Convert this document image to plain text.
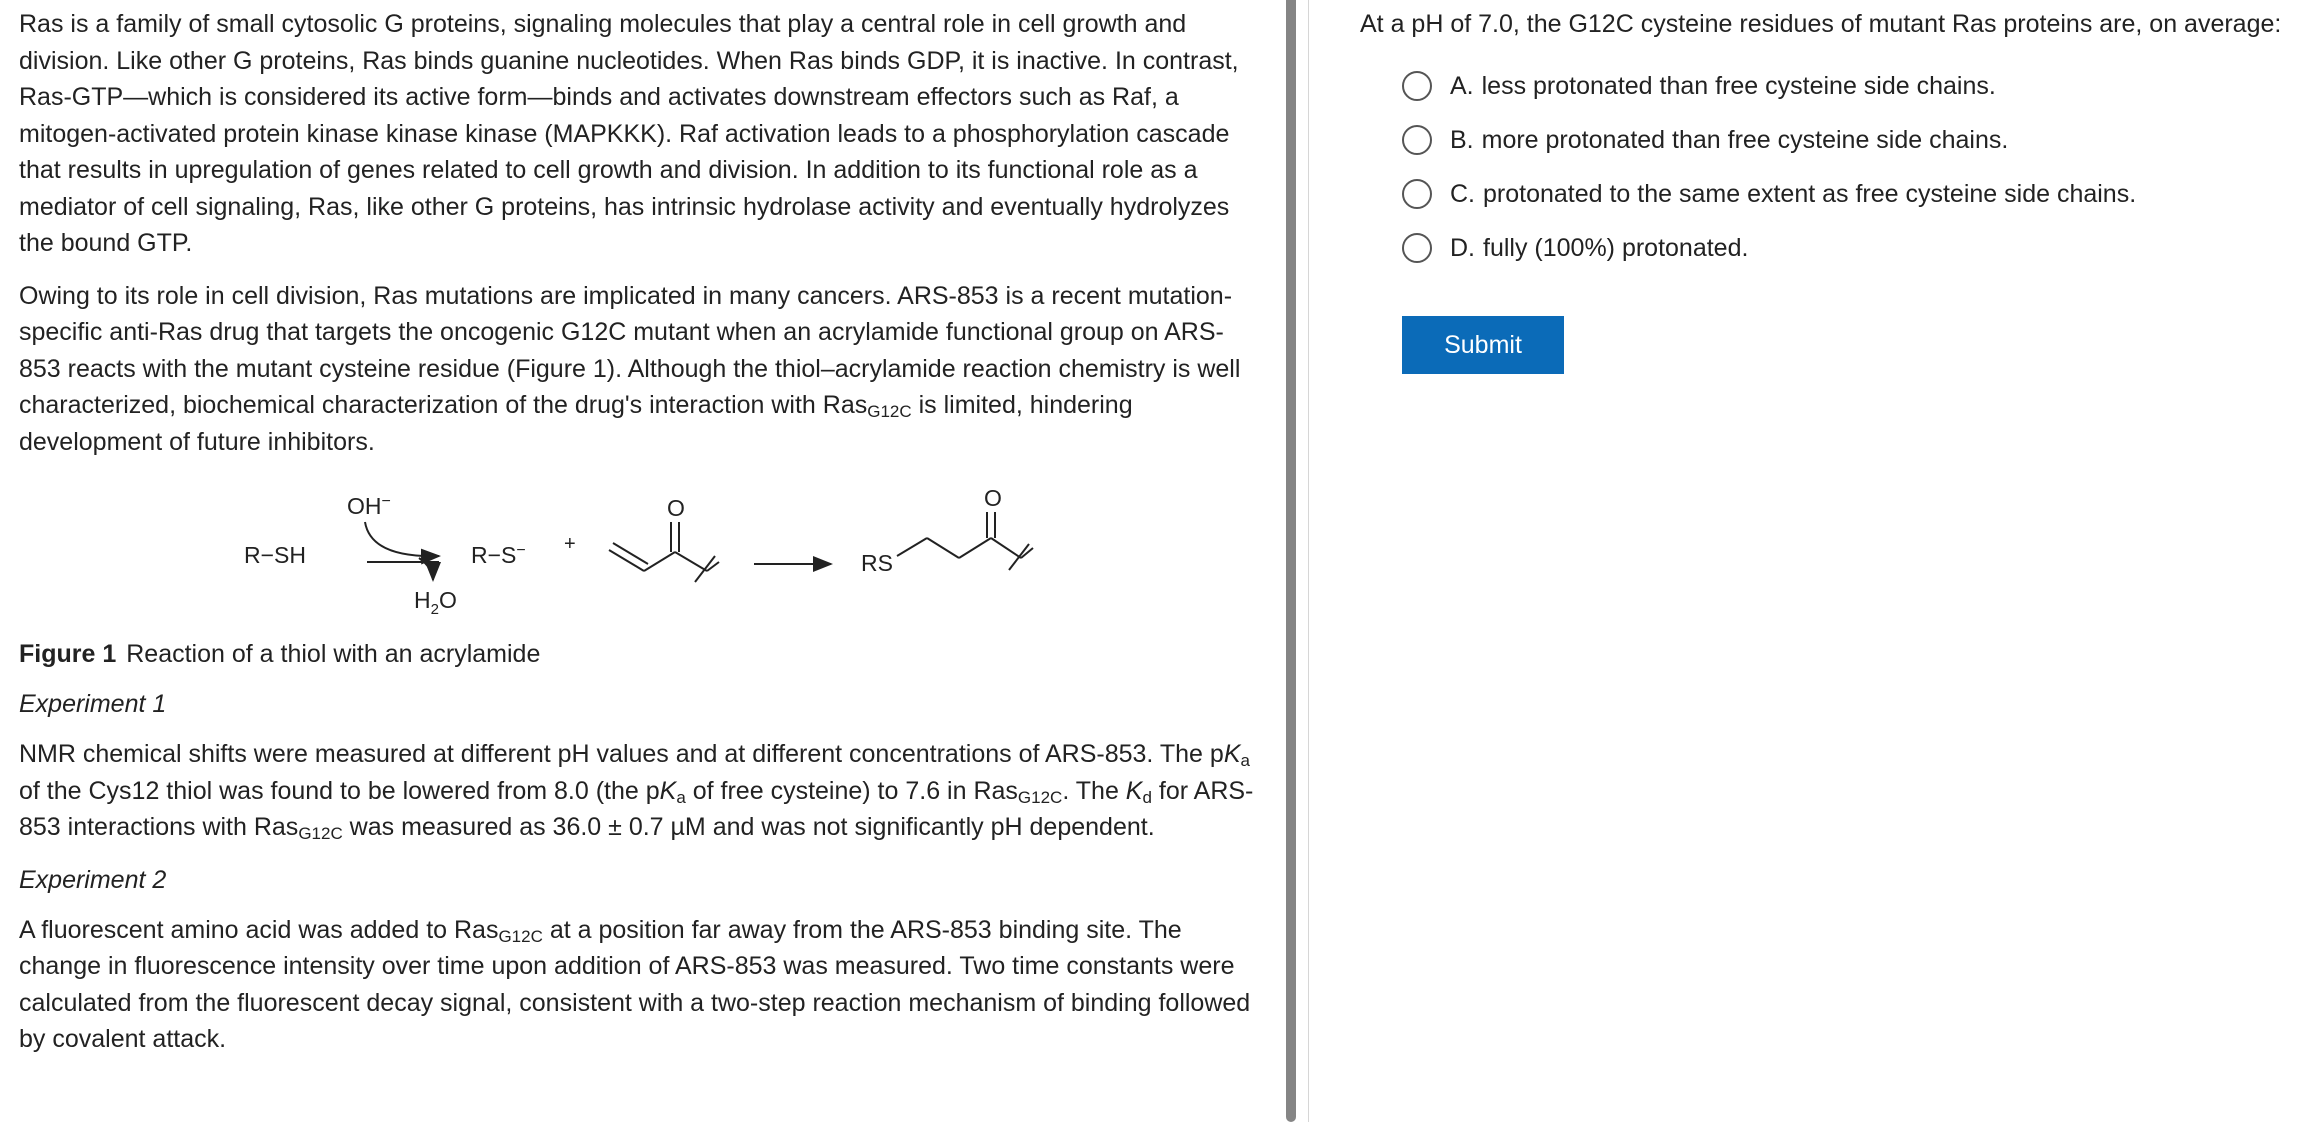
Ras is a family of small cytosolic G proteins, signaling molecules that play a central role in cell growth and division. Like other G proteins, Ras binds guanine nucleotides. When Ras binds GDP, it is inactive. In contrast, Ras-GTP—which is considered its active form—binds and activates downstream effectors such as Raf, a mitogen-activated protein kinase kinase kinase (MAPKKK). Raf activation leads to a phosphorylation cascade that results in upregulation of genes related to cell growth and division. In addition to its functional role as a mediator of cell signaling, Ras, like other G proteins, has intrinsic hydrolase activity and eventually hydrolyzes the bound GTP.

Owing to its role in cell division, Ras mutations are implicated in many cancers. ARS-853 is a recent mutation-specific anti-Ras drug that targets the oncogenic G12C mutant when an acrylamide functional group on ARS-853 reacts with the mutant cysteine residue (Figure 1). Although the thiol–acrylamide reaction chemistry is well characterized, biochemical characterization of the drug's interaction with Ras$_{G12C}$ is limited, hindering development of future inhibitors.

R−SH
OH−
$H_2O$
R−S− +
O
RS
O

Figure 1 Reaction of a thiol with an acrylamide

Experiment 1

NMR chemical shifts were measured at different pH values and at different concentrations of ARS-853. The $pK_a$ of the Cys12 thiol was found to be lowered from 8.0 (the $pK_a$ of free cysteine) to 7.6 in Ras$_{G12C}$. The $K_d$ for ARS-853 interactions with Ras$_{G12C}$ was measured as 36.0 ± 0.7 µM and was not significantly pH dependent.

Experiment 2

A fluorescent amino acid was added to Ras$_{G12C}$ at a position far away from the ARS-853 binding site. The change in fluorescence intensity over time upon addition of ARS-853 was measured. Two time constants were calculated from the fluorescent decay signal, consistent with a two-step reaction mechanism of binding followed by covalent attack.

At a pH of 7.0, the G12C cysteine residues of mutant Ras proteins are, on average:

A. less protonated than free cysteine side chains.
B. more protonated than free cysteine side chains.
C. protonated to the same extent as free cysteine side chains.
D. fully (100%) protonated.
Submit
